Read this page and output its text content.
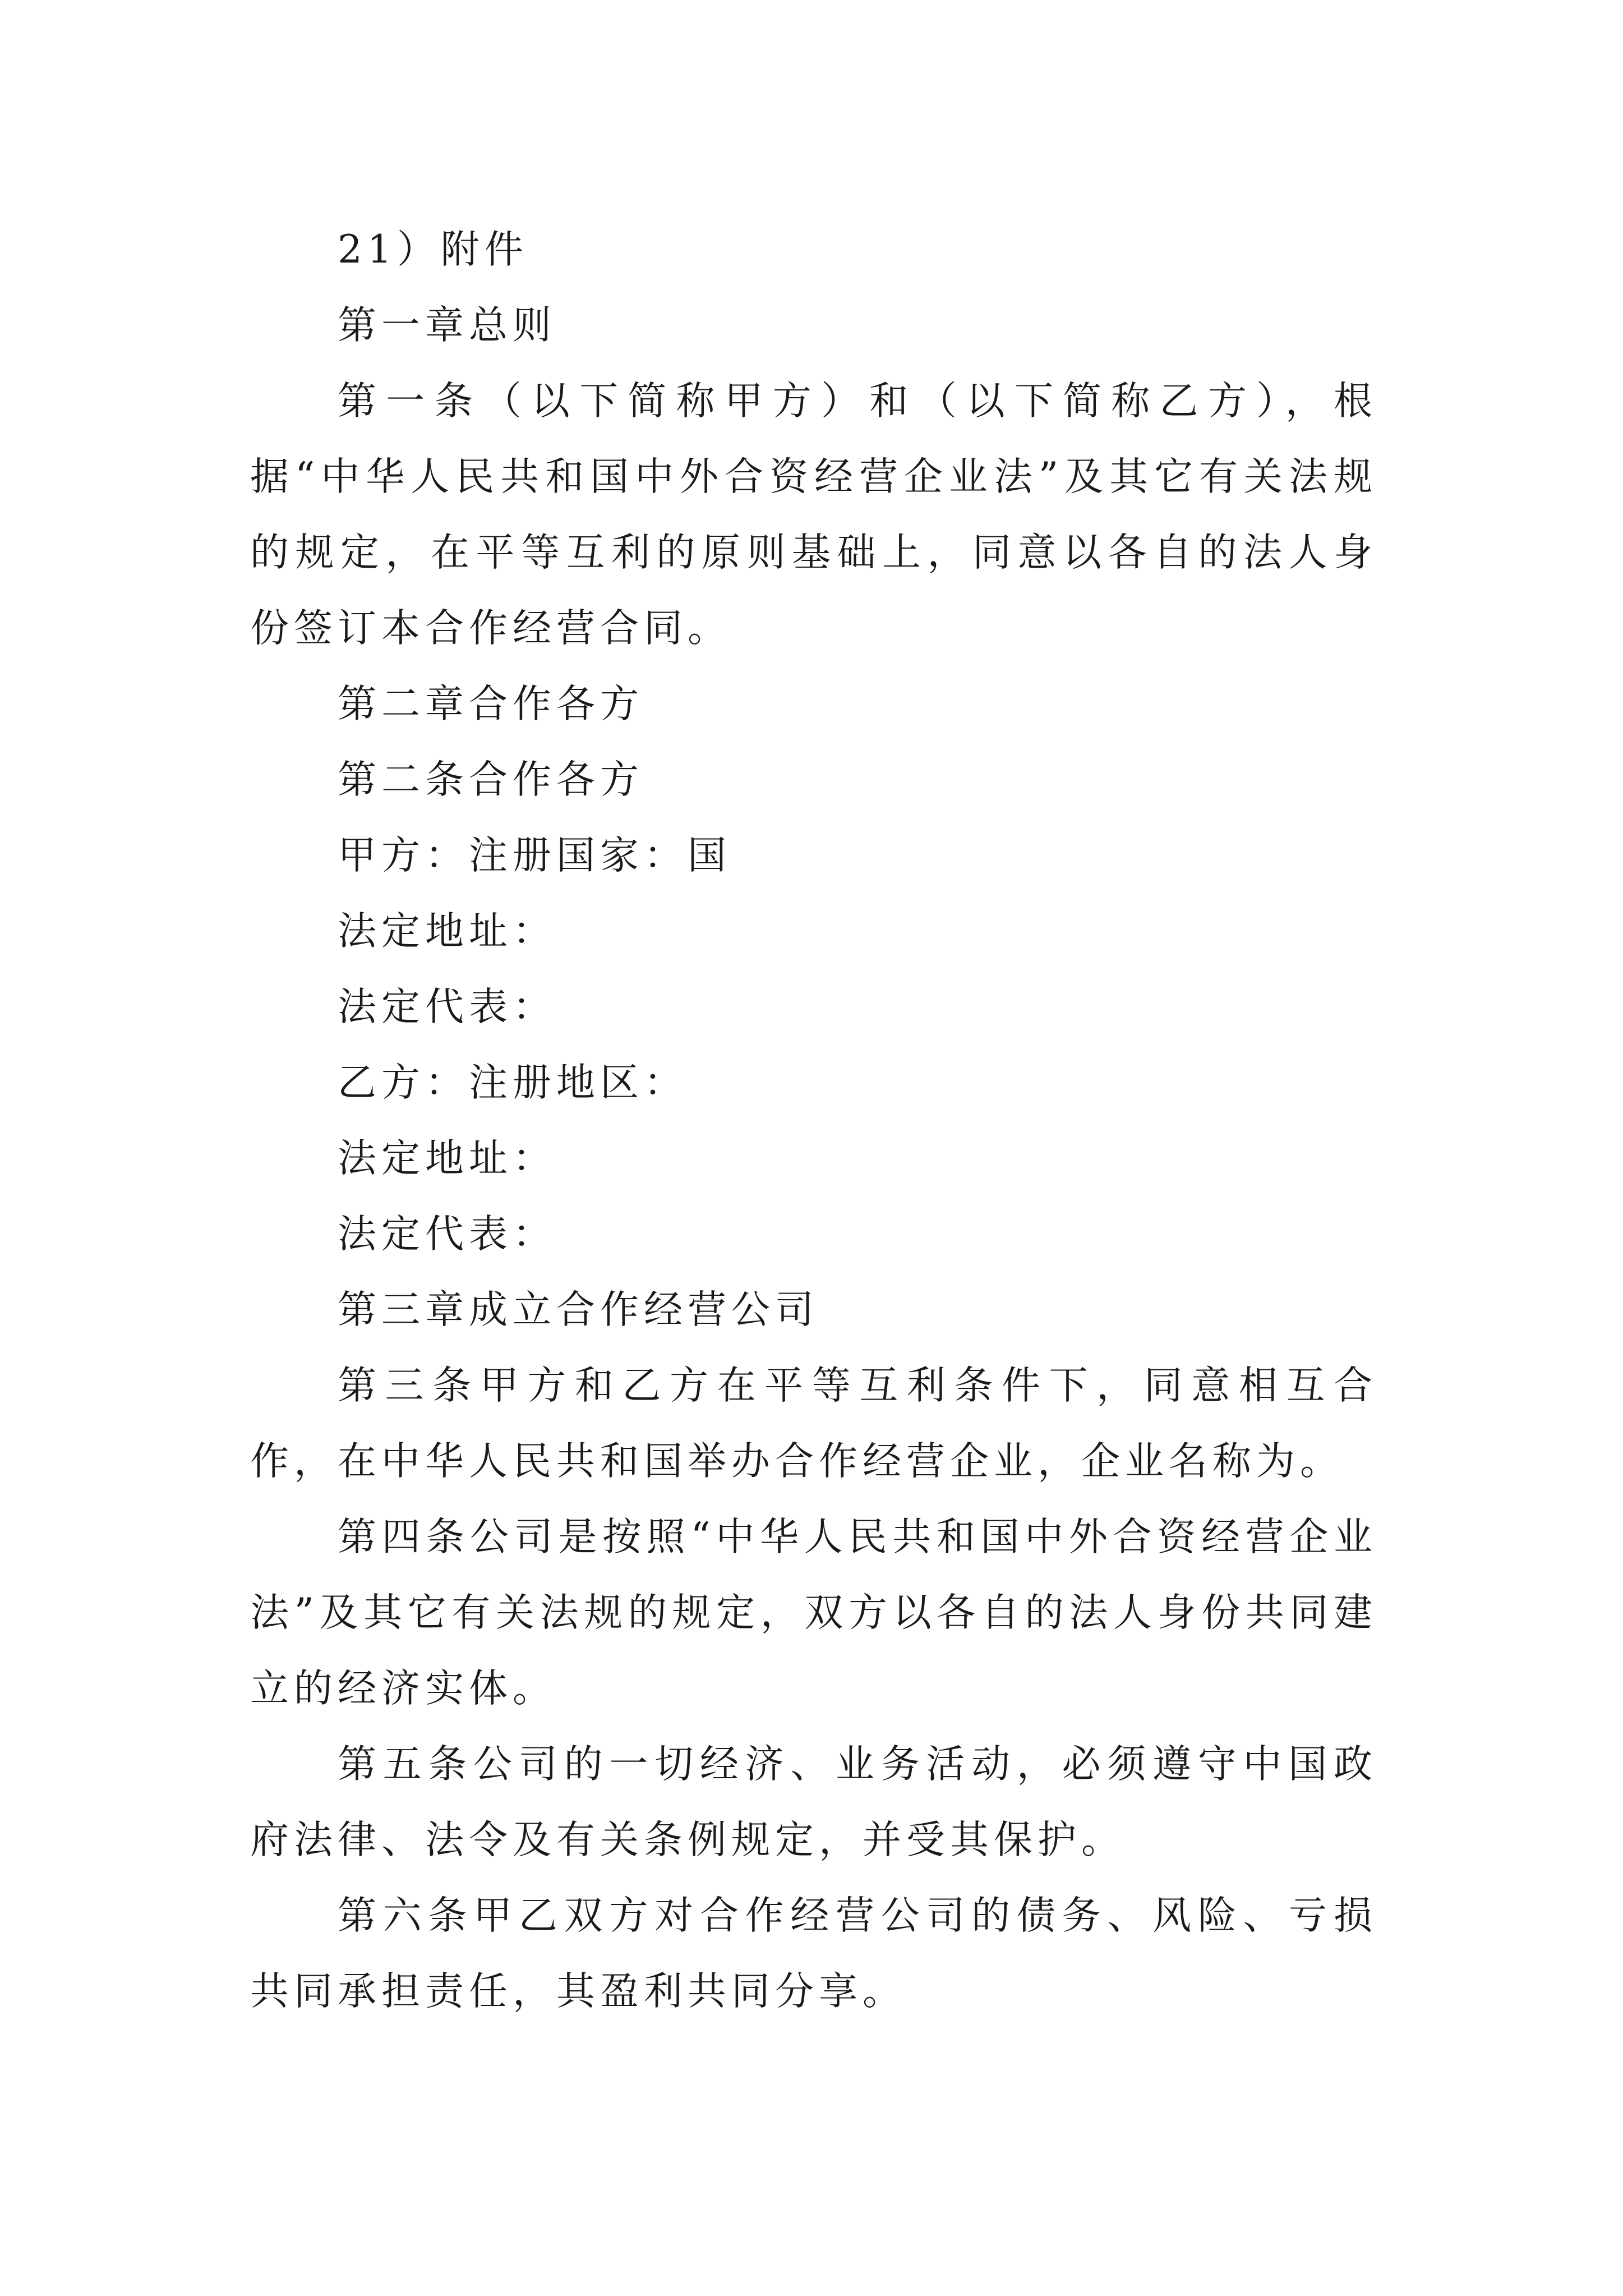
21）附件

第一章总则

第一条（以下简称甲方）和（以下简称乙方），根据“中华人民共和国中外合资经营企业法”及其它有关法规的规定，在平等互利的原则基础上，同意以各自的法人身份签订本合作经营合同。

第二章合作各方

第二条合作各方

甲方：注册国家：国

法定地址：

法定代表：

乙方：注册地区：

法定地址：

法定代表：

第三章成立合作经营公司

第三条甲方和乙方在平等互利条件下，同意相互合作，在中华人民共和国举办合作经营企业，企业名称为。

第四条公司是按照“中华人民共和国中外合资经营企业法”及其它有关法规的规定，双方以各自的法人身份共同建立的经济实体。

第五条公司的一切经济、业务活动，必须遵守中国政府法律、法令及有关条例规定，并受其保护。

第六条甲乙双方对合作经营公司的债务、风险、亏损共同承担责任，其盈利共同分享。
